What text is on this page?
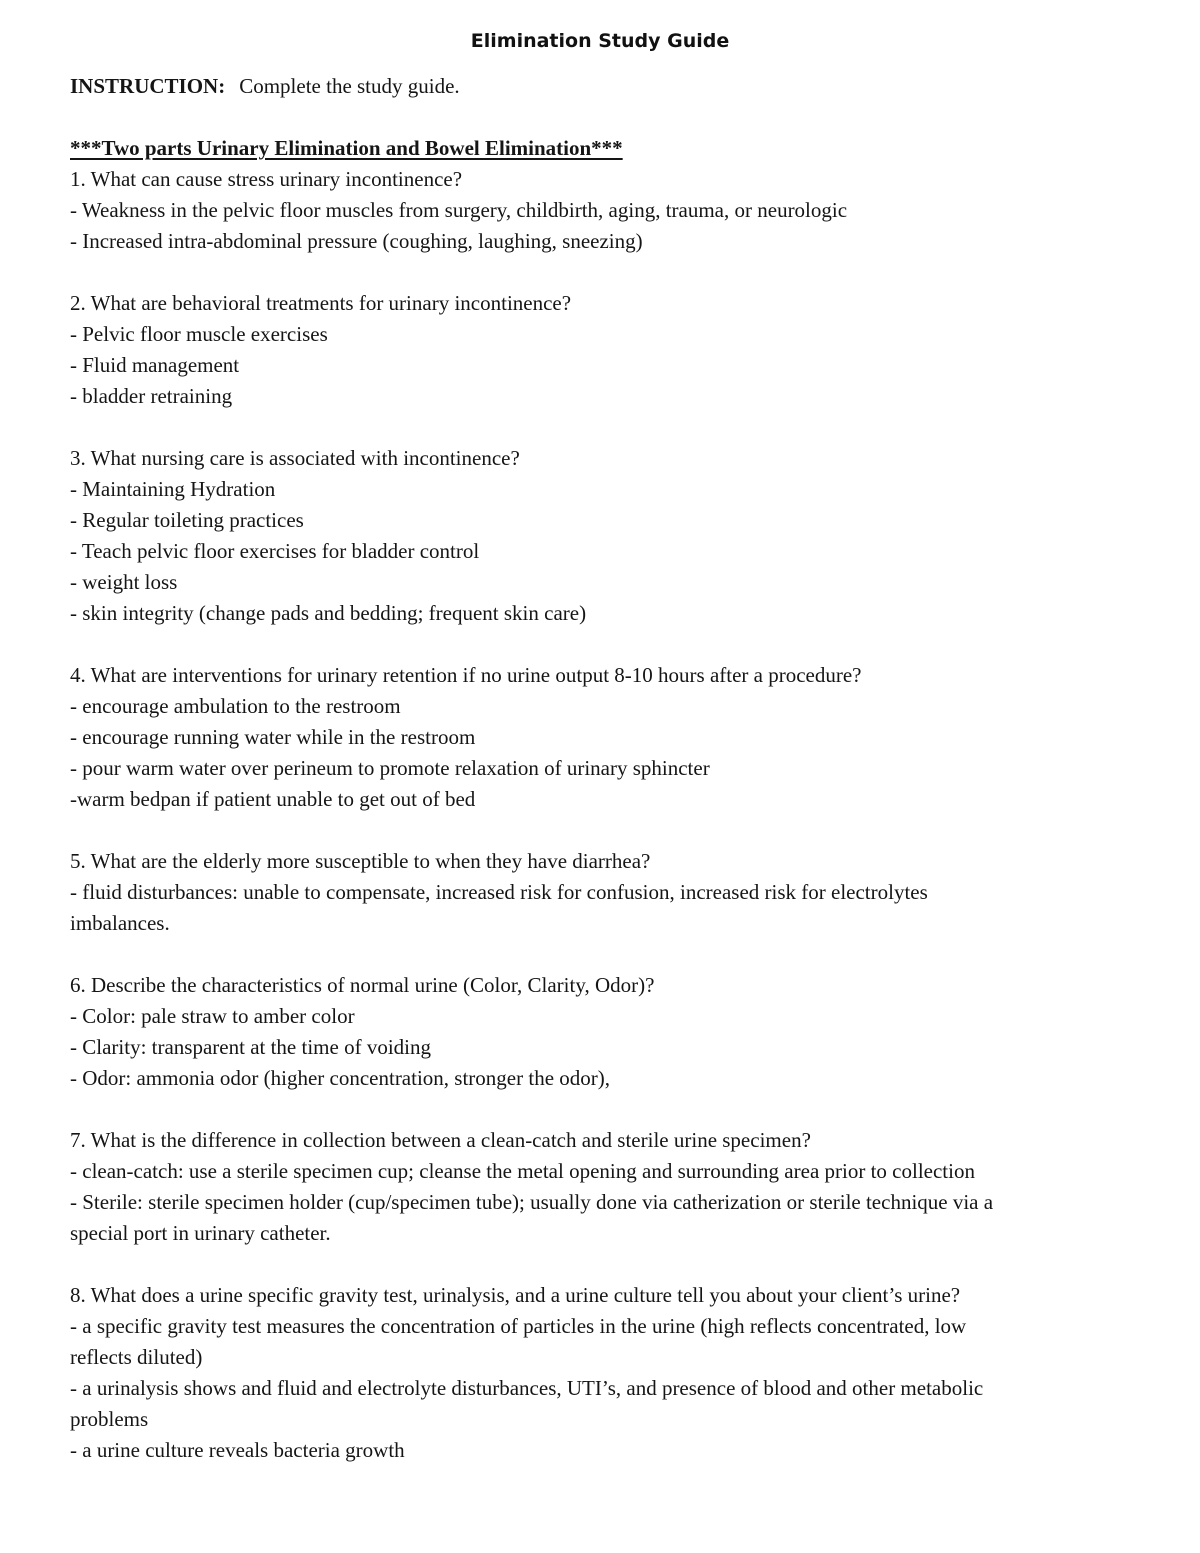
Elimination Study Guide
INSTRUCTION: Complete the study guide.
***Two parts Urinary Elimination and Bowel Elimination***
1. What can cause stress urinary incontinence?
- Weakness in the pelvic floor muscles from surgery, childbirth, aging, trauma, or neurologic
- Increased intra-abdominal pressure (coughing, laughing, sneezing)
2. What are behavioral treatments for urinary incontinence?
- Pelvic floor muscle exercises
- Fluid management
- bladder retraining
3. What nursing care is associated with incontinence?
- Maintaining Hydration
- Regular toileting practices
- Teach pelvic floor exercises for bladder control
- weight loss
- skin integrity (change pads and bedding; frequent skin care)
4. What are interventions for urinary retention if no urine output 8-10 hours after a procedure?
- encourage ambulation to the restroom
- encourage running water while in the restroom
- pour warm water over perineum to promote relaxation of urinary sphincter
-warm bedpan if patient unable to get out of bed
5. What are the elderly more susceptible to when they have diarrhea?
- fluid disturbances: unable to compensate, increased risk for confusion, increased risk for electrolytes
imbalances.
6. Describe the characteristics of normal urine (Color, Clarity, Odor)?
- Color: pale straw to amber color
- Clarity: transparent at the time of voiding
- Odor: ammonia odor (higher concentration, stronger the odor),
7. What is the difference in collection between a clean-catch and sterile urine specimen?
- clean-catch: use a sterile specimen cup; cleanse the metal opening and surrounding area prior to collection
- Sterile: sterile specimen holder (cup/specimen tube); usually done via catherization or sterile technique via a
special port in urinary catheter.
8. What does a urine specific gravity test, urinalysis, and a urine culture tell you about your client’s urine?
- a specific gravity test measures the concentration of particles in the urine (high reflects concentrated, low
reflects diluted)
- a urinalysis shows and fluid and electrolyte disturbances, UTI’s, and presence of blood and other metabolic
problems
- a urine culture reveals bacteria growth
